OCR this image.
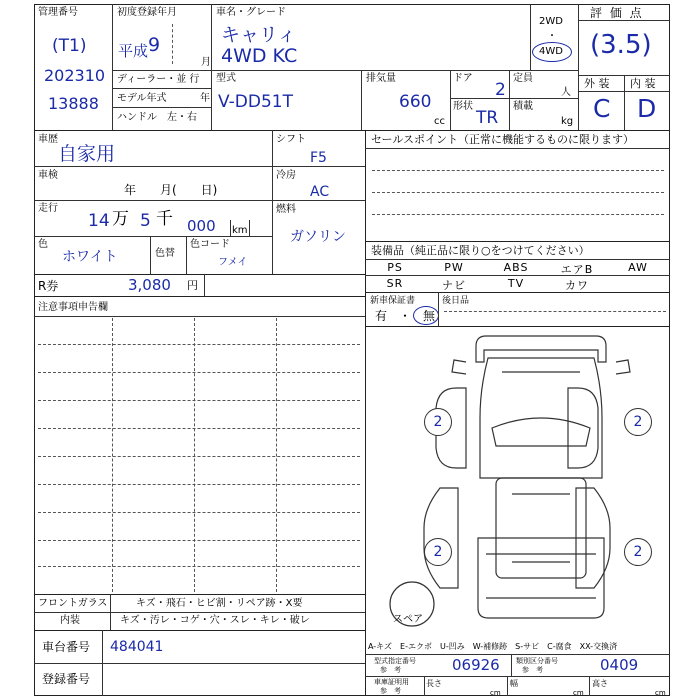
管理番号
(T1)
202310
13888
初度登録年月
平成 9
月
車名・グレード
キャリィ
4WD KC
2WD
・
4WD
評 価 点
(3.5)
外 装 内 装
C D
ディーラー・並 行
モデル年式	年
ハンドル　左・右
型式
V-DD51T
排気量
660
cc
ドア
2
形状
TR
定員
人
積載
kg
車歴
自家用
車検
年　　月(　　日)
走行
14 万 5 千 000 km
色
ホワイト	色替
色コード
フメイ
シフト
F5
冷房
AC
燃料
ガソリン
R券	3,080 円
セールスポイント（正常に機能するものに限ります）
装備品（純正品に限り○をつけてください）
PS	PW	ABS	エアB	AW
SR	ナビ	TV	カワ
新車保証書
有　・　無
後日品
注意事項申告欄
2	2
2	2
スペア
フロントガラス	キズ・飛石・ヒビ割・リペア跡・X要
内装	キズ・汚レ・コゲ・穴・スレ・キレ・破レ
車台番号 484041
登録番号
A-キズ　E-エクボ　U-凹み　W-補修跡　S-サビ　C-腐食　XX-交換済
型式指定番号
参　考	06926 類別区分番号
参　考	0409
車庫証明用
参　考
長さ
cm
幅
cm
高さ
cm
